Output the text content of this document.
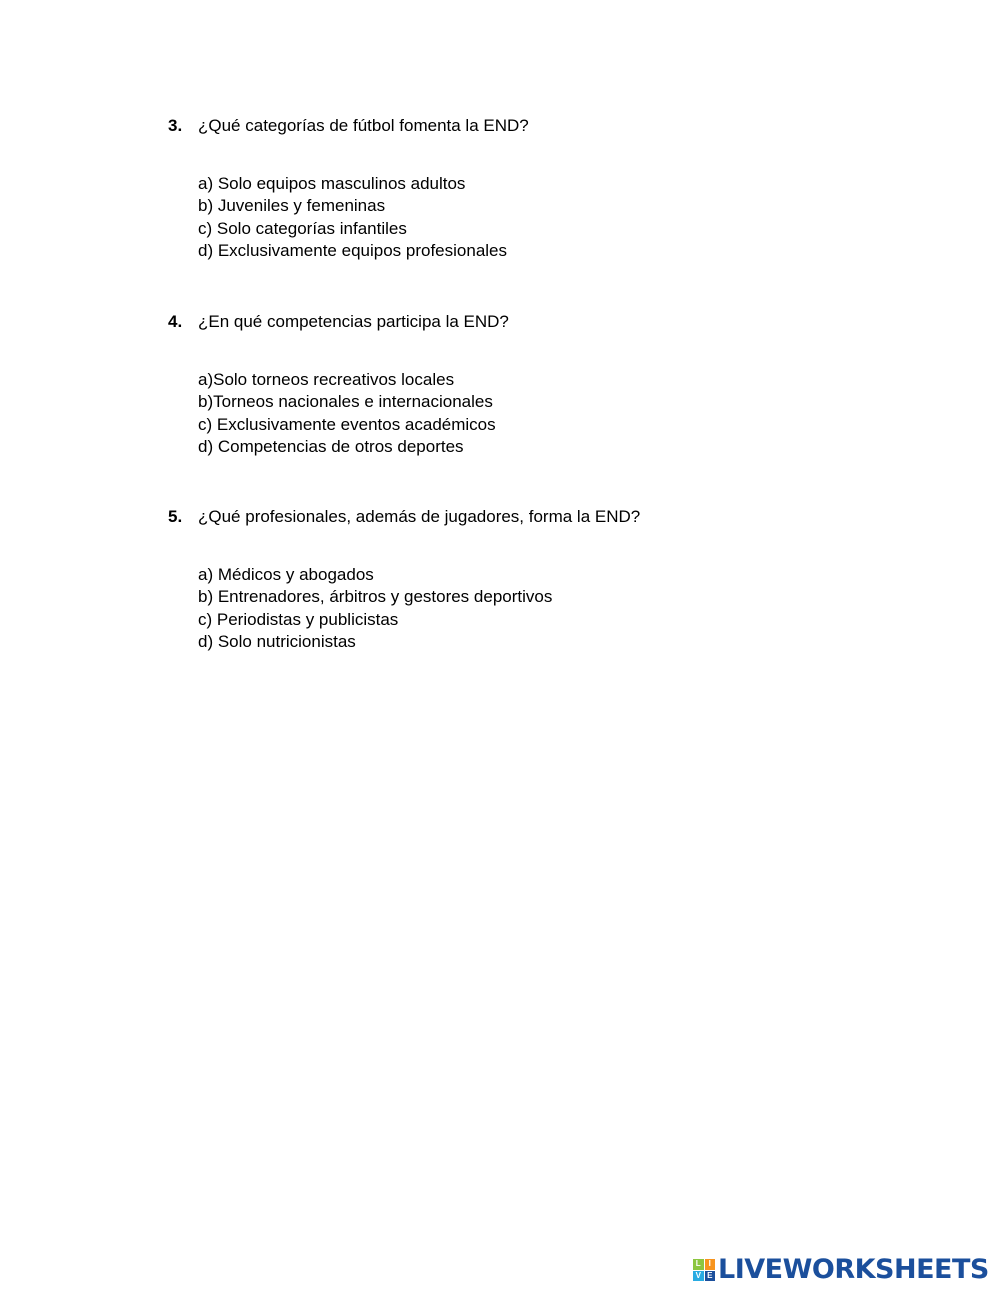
3. ¿Qué categorías de fútbol fomenta la END?
a) Solo equipos masculinos adultos
b) Juveniles y femeninas
c) Solo categorías infantiles
d) Exclusivamente equipos profesionales
4. ¿En qué competencias participa la END?
a)Solo torneos recreativos locales
b)Torneos nacionales e internacionales
c) Exclusivamente eventos académicos
d) Competencias de otros deportes
5. ¿Qué profesionales, además de jugadores, forma la END?
a) Médicos y abogados
b) Entrenadores, árbitros y gestores deportivos
c) Periodistas y publicistas
d) Solo nutricionistas
L I
V E LIVEWORKSHEETS
